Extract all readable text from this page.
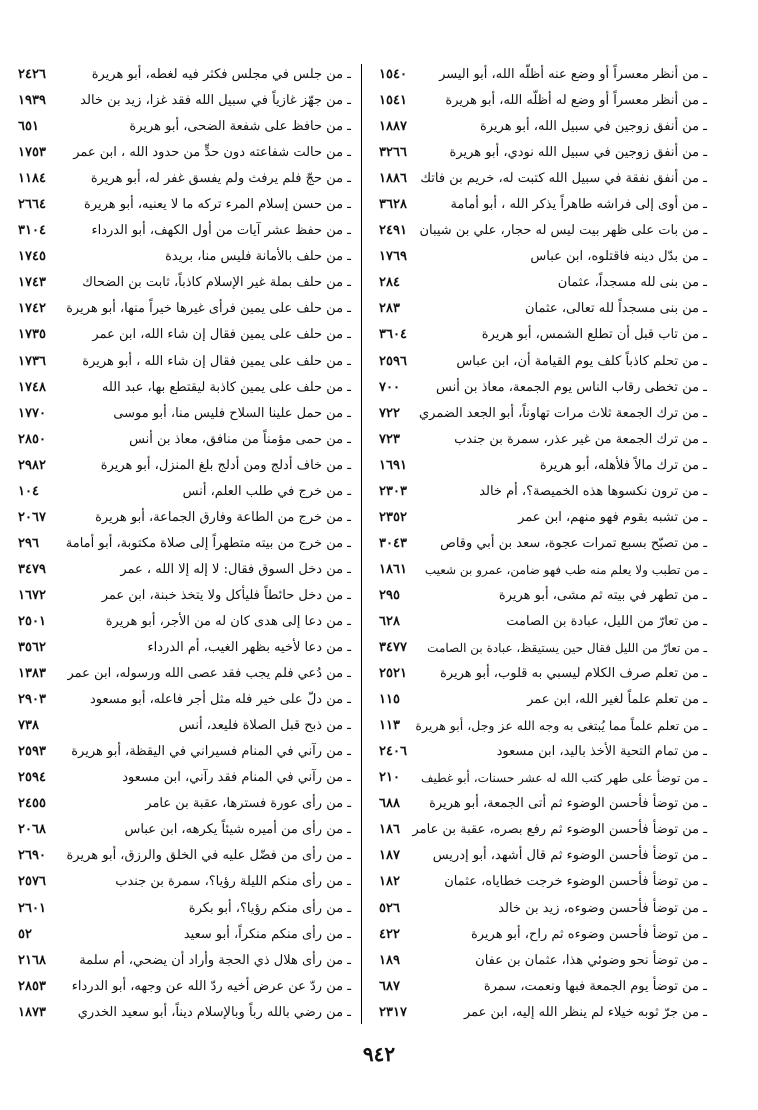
ـ من أنظر معسراً أو وضع عنه أظلّه الله، أبو اليسر
١٥٤٠
ـ من أنظر معسراً أو وضع له أظلّه الله، أبو هريرة
١٥٤١
ـ من أنفق زوجين في سبيل الله، أبو هريرة
١٨٨٧
ـ من أنفق زوجين في سبيل الله نودي، أبو هريرة
٣٢٦٦
ـ من أنفق نفقة في سبيل الله كتبت له، خريم بن فاتك
١٨٨٦
ـ من أوى إلى فراشه طاهراً يذكر الله ، أبو أمامة
٣٦٢٨
ـ من بات على ظهر بيت ليس له حجار، علي بن شيبان
٢٤٩١
ـ من بدّل دينه فاقتلوه، ابن عباس
١٧٦٩
ـ من بنى لله مسجداً، عثمان
٢٨٤
ـ من بنى مسجداً لله تعالى، عثمان
٢٨٣
ـ من تاب قبل أن تطلع الشمس، أبو هريرة
٣٦٠٤
ـ من تحلم كاذباً كلف يوم القيامة أن، ابن عباس
٢٥٩٦
ـ من تخطى رقاب الناس يوم الجمعة، معاذ بن أنس
٧٠٠
ـ من ترك الجمعة ثلاث مرات تهاوناً، أبو الجعد الضمري
٧٢٢
ـ من ترك الجمعة من غير عذر، سمرة بن جندب
٧٢٣
ـ من ترك مالاً فلأهله، أبو هريرة
١٦٩١
ـ من ترون نكسوها هذه الخميصة؟، أم خالد
٢٣٠٣
ـ من تشبه بقوم فهو منهم، ابن عمر
٢٣٥٢
ـ من تصبّح بسبع تمرات عجوة، سعد بن أبي وقاص
٣٠٤٣
ـ من تطبب ولا يعلم منه طب فهو ضامن، عمرو بن شعيب
١٨٦١
ـ من تطهر في بيته ثم مشى، أبو هريرة
٢٩٥
ـ من تعارّ من الليل، عبادة بن الصامت
٦٢٨
ـ من تعارّ من الليل فقال حين يستيقظ، عبادة بن الصامت
٣٤٧٧
ـ من تعلم صرف الكلام ليسبي به قلوب، أبو هريرة
٢٥٢١
ـ من تعلم علماً لغير الله، ابن عمر
١١٥
ـ من تعلم علماً مما يُبتغى به وجه الله عز وجل، أبو هريرة
١١٣
ـ من تمام التحية الأخذ باليد، ابن مسعود
٢٤٠٦
ـ من توضأ على طهر كتب الله له عشر حسنات، أبو غطيف
٢١٠
ـ من توضأ فأحسن الوضوء ثم أتى الجمعة، أبو هريرة
٦٨٨
ـ من توضأ فأحسن الوضوء ثم رفع بصره، عقبة بن عامر
١٨٦
ـ من توضأ فأحسن الوضوء ثم قال أشهد، أبو إدريس
١٨٧
ـ من توضأ فأحسن الوضوء خرجت خطاياه، عثمان
١٨٢
ـ من توضأ فأحسن وضوءه، زيد بن خالد
٥٢٦
ـ من توضأ فأحسن وضوءه ثم راح، أبو هريرة
٤٢٢
ـ من توضأ نحو وضوئي هذا، عثمان بن عفان
١٨٩
ـ من توضأ يوم الجمعة فبها ونعمت، سمرة
٦٨٧
ـ من جرّ ثوبه خيلاء لم ينظر الله إليه، ابن عمر
٢٣١٧
ـ من جلس في مجلس فكثر فيه لغطه، أبو هريرة
٢٤٢٦
ـ من جهّز غازياً في سبيل الله فقد غزا، زيد بن خالد
١٩٣٩
ـ من حافظ على شفعة الضحى، أبو هريرة
٦٥١
ـ من حالت شفاعته دون حدٍّ من حدود الله ، ابن عمر
١٧٥٣
ـ من حجّ فلم يرفث ولم يفسق غفر له، أبو هريرة
١١٨٤
ـ من حسن إسلام المرء تركه ما لا يعنيه، أبو هريرة
٢٦٦٤
ـ من حفظ عشر آيات من أول الكهف، أبو الدرداء
٣١٠٤
ـ من حلف بالأمانة فليس منا، بريدة
١٧٤٥
ـ من حلف بملة غير الإسلام كاذباً، ثابت بن الضحاك
١٧٤٣
ـ من حلف على يمين فرأى غيرها خيراً منها، أبو هريرة
١٧٤٢
ـ من حلف على يمين فقال إن شاء الله، ابن عمر
١٧٣٥
ـ من حلف على يمين فقال إن شاء الله ، أبو هريرة
١٧٣٦
ـ من حلف على يمين كاذبة ليقتطع بها، عبد الله
١٧٤٨
ـ من حمل علينا السلاح فليس منا، أبو موسى
١٧٧٠
ـ من حمى مؤمناً من منافق، معاذ بن أنس
٢٨٥٠
ـ من خاف أدلج ومن أدلج بلغ المنزل، أبو هريرة
٢٩٨٢
ـ من خرج في طلب العلم، أنس
١٠٤
ـ من خرج من الطاعة وفارق الجماعة، أبو هريرة
٢٠٦٧
ـ من خرج من بيته متطهراً إلى صلاة مكتوبة، أبو أمامة
٢٩٦
ـ من دخل السوق فقال: لا إله إلا الله ، عمر
٣٤٧٩
ـ من دخل حائطاً فليأكل ولا يتخذ خبنة، ابن عمر
١٦٧٢
ـ من دعا إلى هدى كان له من الأجر، أبو هريرة
٢٥٠١
ـ من دعا لأخيه بظهر الغيب، أم الدرداء
٣٥٦٢
ـ من دُعي فلم يجب فقد عصى الله ورسوله، ابن عمر
١٣٨٣
ـ من دلّ على خير فله مثل أجر فاعله، أبو مسعود
٢٩٠٣
ـ من ذبح قبل الصلاة فليعد، أنس
٧٣٨
ـ من رآني في المنام فسيراني في اليقظة، أبو هريرة
٢٥٩٣
ـ من رآني في المنام فقد رآني، ابن مسعود
٢٥٩٤
ـ من رأى عورة فسترها، عقبة بن عامر
٢٤٥٥
ـ من رأى من أميره شيئاً يكرهه، ابن عباس
٢٠٦٨
ـ من رأى من فضّل عليه في الخلق والرزق، أبو هريرة
٢٦٩٠
ـ من رأى منكم الليلة رؤيا؟، سمرة بن جندب
٢٥٧٦
ـ من رأى منكم رؤيا؟، أبو بكرة
٢٦٠١
ـ من رأى منكم منكراً، أبو سعيد
٥٢
ـ من رأى هلال ذي الحجة وأراد أن يضحي، أم سلمة
٢١٦٨
ـ من ردّ عن عرض أخيه ردّ الله عن وجهه، أبو الدرداء
٢٨٥٣
ـ من رضي بالله رباً وبالإسلام ديناً، أبو سعيد الخدري
١٨٧٣
٩٤٢
